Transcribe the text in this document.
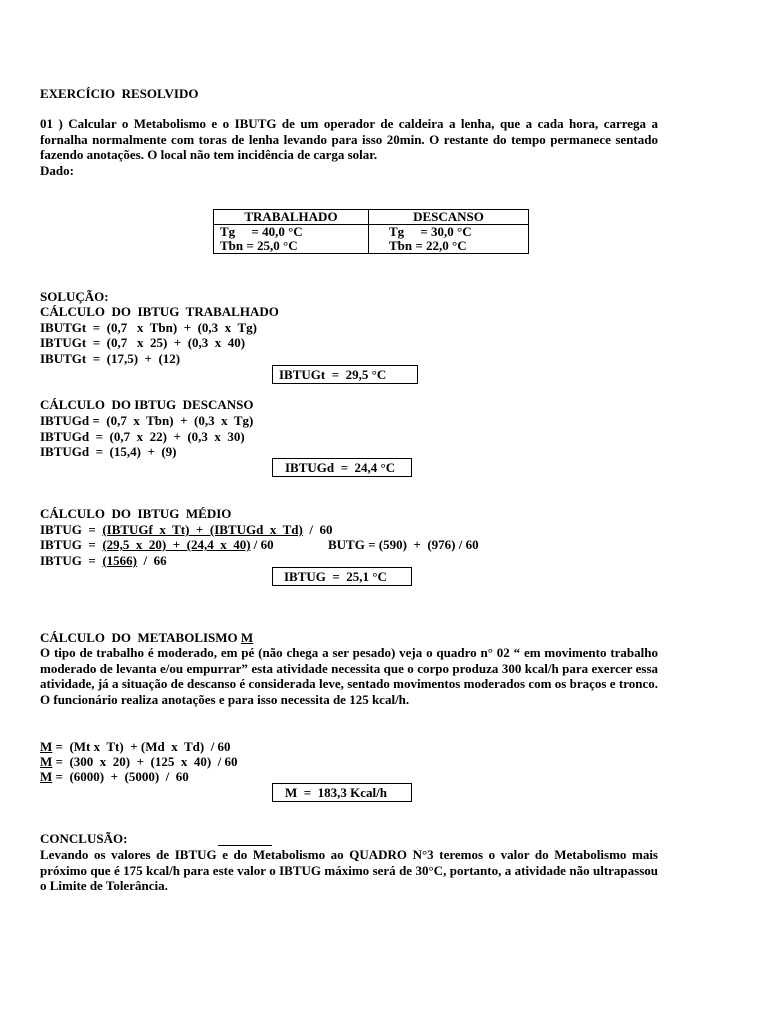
EXERCÍCIO  RESOLVIDO
01 ) Calcular o Metabolismo e o IBUTG de um operador de caldeira a lenha, que a cada hora, carrega a fornalha normalmente com toras de lenha levando para isso 20min. O restante do tempo permanece sentado fazendo anotações. O local não tem incidência de carga solar.
Dado:
TRABALHADO	DESCANSO
Tg     = 40,0 °C	Tg     = 30,0 °C
Tbn = 25,0 °C	Tbn = 22,0 °C
SOLUÇÃO:
CÁLCULO  DO  IBTUG  TRABALHADO
IBUTGt  =  (0,7   x  Tbn)  +  (0,3  x  Tg)
IBTUGt  =  (0,7   x  25)  +  (0,3  x  40)
IBUTGt  =  (17,5)  +  (12)
IBTUGt  =  29,5 °C
CÁLCULO  DO IBTUG  DESCANSO
IBTUGd =  (0,7  x  Tbn)  +  (0,3  x  Tg)
IBTUGd  =  (0,7  x  22)  +  (0,3  x  30)
IBTUGd  =  (15,4)  +  (9)
IBTUGd  =  24,4 °C
CÁLCULO  DO  IBTUG  MÉDIO
IBTUG  =  (IBTUGf  x  Tt)  +  (IBTUGd  x  Td)  /  60
IBTUG  =  (29,5  x  20)  +  (24,4  x  40) / 60	BUTG = (590)  +  (976) / 60
IBTUG  =  (1566)  /  66
IBTUG  =  25,1 °C
CÁLCULO  DO  METABOLISMO M
O tipo de trabalho é moderado, em pé (não chega a ser pesado) veja o quadro n° 02 “ em movimento trabalho moderado de levanta e/ou empurrar” esta atividade necessita que o corpo produza 300 kcal/h para exercer essa atividade, já a situação de descanso é considerada leve, sentado movimentos moderados com os braços e tronco. O funcionário realiza anotações e para isso necessita de 125 kcal/h.
M =  (Mt x  Tt)  + (Md  x  Td)  / 60
M =  (300  x  20)  +  (125  x  40)  / 60
M =  (6000)  +  (5000)  /  60
M  =  183,3 Kcal/h
CONCLUSÃO:
Levando os valores de IBTUG e do Metabolismo ao QUADRO N°3 teremos o valor do Metabolismo mais próximo que é 175 kcal/h para este valor o IBTUG máximo será de 30°C, portanto, a atividade não ultrapassou o Limite de Tolerância.
